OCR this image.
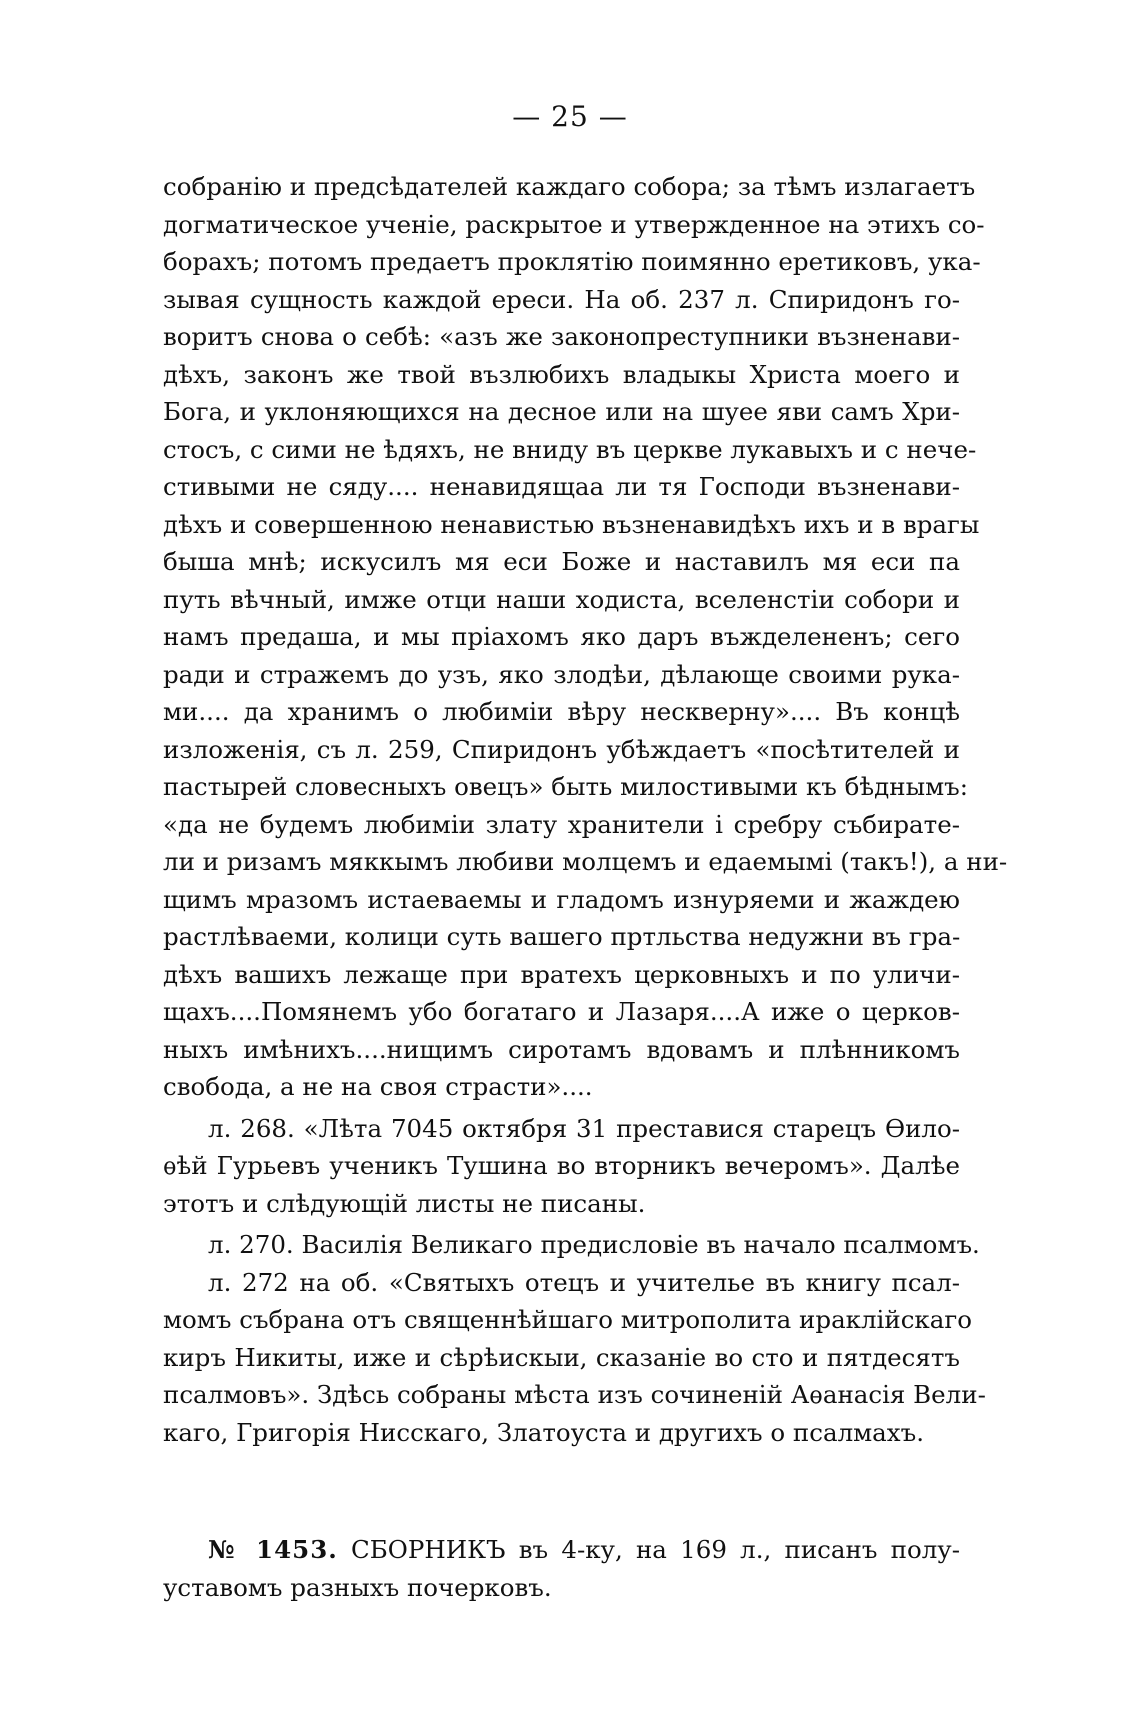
— 25 —
собранію и предсѣдателей каждаго собора; за тѣмъ излагаетъ
догматическое ученіе, раскрытое и утвержденное на этихъ со-
борахъ; потомъ предаетъ проклятію поимянно еретиковъ, ука-
зывая сущность каждой ереси. На об. 237 л. Спиридонъ го-
воритъ снова о себѣ: «азъ же законопреступники възненави-
дѣхъ, законъ же твой възлюбихъ владыкы Христа моего и
Бога, и уклоняющихся на десное или на шуее яви самъ Хри-
стосъ, с сими не ѣдяхъ, не вниду въ церкве лукавыхъ и с нече-
стивыми не сяду.... ненавидящаа ли тя Господи възненави-
дѣхъ и совершенною ненавистью възненавидѣхъ ихъ и в врагы
быша мнѣ; искусилъ мя еси Боже и наставилъ мя еси па
путь вѣчный, имже отци наши ходиста, вселенстіи собори и
намъ предаша, и мы пріахомъ яко даръ въжделененъ; сего
ради и стражемъ до узъ, яко злодѣи, дѣлающе своими рука-
ми.... да хранимъ о любиміи вѣру нескверну».... Въ концѣ
изложенія, съ л. 259, Спиридонъ убѣждаетъ «посѣтителей и
пастырей словесныхъ овецъ» быть милостивыми къ бѣднымъ:
«да не будемъ любиміи злату хранители і сребру събирате-
ли и ризамъ мяккымъ любиви молцемъ и едаемымі (такъ!), а ни-
щимъ мразомъ истаеваемы и гладомъ изнуряеми и жаждею
растлѣваеми, колици суть вашего пртльства недужни въ гра-
дѣхъ вашихъ лежаще при вратехъ церковныхъ и по уличи-
щахъ....Помянемъ убо богатаго и Лазаря....А иже о церков-
ныхъ имѣнихъ....нищимъ сиротамъ вдовамъ и плѣнникомъ
свобода, а не на своя страсти»....
л. 268. «Лѣта 7045 октября 31 преставися старецъ Ѳило-
ѳѣй Гурьевъ ученикъ Тушина во вторникъ вечеромъ». Далѣе
этотъ и слѣдующій листы не писаны.
л. 270. Василія Великаго предисловіе въ начало псалмомъ.
л. 272 на об. «Святыхъ отецъ и учителье въ книгу псал-
момъ събрана отъ священнѣйшаго митрополита ираклійскаго
киръ Никиты, иже и сѣрѣискыи, сказаніе во сто и пятдесятъ
псалмовъ». Здѣсь собраны мѣста изъ сочиненій Аѳанасія Вели-
каго, Григорія Нисскаго, Златоуста и другихъ о псалмахъ.
№ 1453. СБОРНИКЪ въ 4-ку, на 169 л., писанъ полу-
уставомъ разныхъ почерковъ.
